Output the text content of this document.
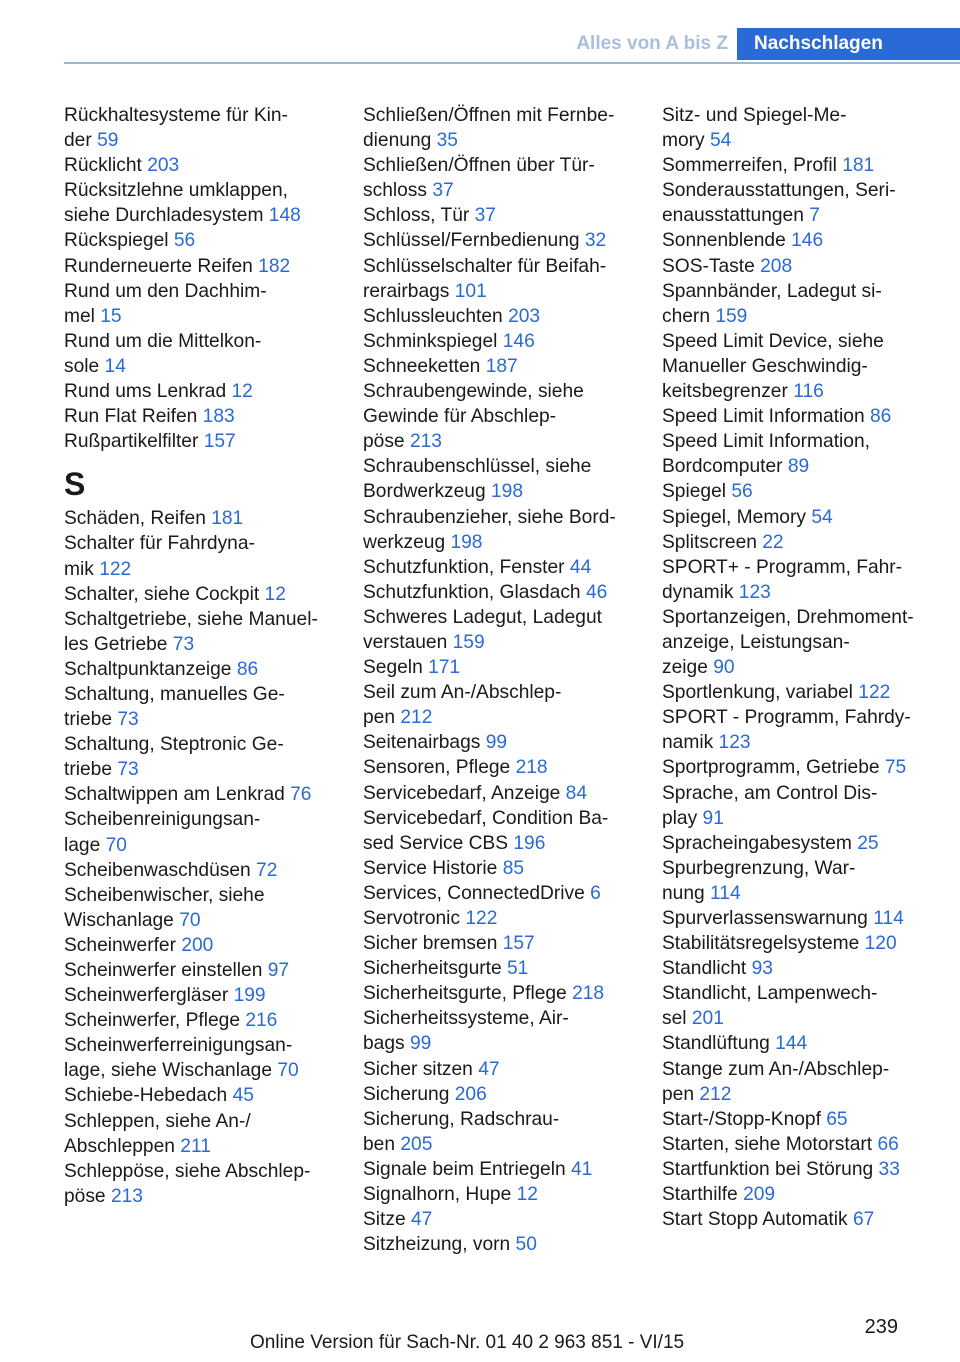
Alles von A bis Z	Nachschlagen
Rückhaltesysteme für Kin-
der 59
Rücklicht 203
Rücksitzlehne umklappen,
siehe Durchladesystem 148
Rückspiegel 56
Runderneuerte Reifen 182
Rund um den Dachhim-
mel 15
Rund um die Mittelkon-
sole 14
Rund ums Lenkrad 12
Run Flat Reifen 183
Rußpartikelfilter 157
S
Schäden, Reifen 181
Schalter für Fahrdyna-
mik 122
Schalter, siehe Cockpit 12
Schaltgetriebe, siehe Manuel-
les Getriebe 73
Schaltpunktanzeige 86
Schaltung, manuelles Ge-
triebe 73
Schaltung, Steptronic Ge-
triebe 73
Schaltwippen am Lenkrad 76
Scheibenreinigungsan-
lage 70
Scheibenwaschdüsen 72
Scheibenwischer, siehe
Wischanlage 70
Scheinwerfer 200
Scheinwerfer einstellen 97
Scheinwerfergläser 199
Scheinwerfer, Pflege 216
Scheinwerferreinigungsan-
lage, siehe Wischanlage 70
Schiebe-Hebedach 45
Schleppen, siehe An-/
Abschleppen 211
Schleppöse, siehe Abschlep-
pöse 213
Schließen/Öffnen mit Fernbe-
dienung 35
Schließen/Öffnen über Tür-
schloss 37
Schloss, Tür 37
Schlüssel/Fernbedienung 32
Schlüsselschalter für Beifah-
rerairbags 101
Schlussleuchten 203
Schminkspiegel 146
Schneeketten 187
Schraubengewinde, siehe
Gewinde für Abschlep-
pöse 213
Schraubenschlüssel, siehe
Bordwerkzeug 198
Schraubenzieher, siehe Bord-
werkzeug 198
Schutzfunktion, Fenster 44
Schutzfunktion, Glasdach 46
Schweres Ladegut, Ladegut
verstauen 159
Segeln 171
Seil zum An-/Abschlep-
pen 212
Seitenairbags 99
Sensoren, Pflege 218
Servicebedarf, Anzeige 84
Servicebedarf, Condition Ba-
sed Service CBS 196
Service Historie 85
Services, ConnectedDrive 6
Servotronic 122
Sicher bremsen 157
Sicherheitsgurte 51
Sicherheitsgurte, Pflege 218
Sicherheitssysteme, Air-
bags 99
Sicher sitzen 47
Sicherung 206
Sicherung, Radschrau-
ben 205
Signale beim Entriegeln 41
Signalhorn, Hupe 12
Sitze 47
Sitzheizung, vorn 50
Sitz- und Spiegel-Me-
mory 54
Sommerreifen, Profil 181
Sonderausstattungen, Seri-
enausstattungen 7
Sonnenblende 146
SOS-Taste 208
Spannbänder, Ladegut si-
chern 159
Speed Limit Device, siehe
Manueller Geschwindig-
keitsbegrenzer 116
Speed Limit Information 86
Speed Limit Information,
Bordcomputer 89
Spiegel 56
Spiegel, Memory 54
Splitscreen 22
SPORT+ - Programm, Fahr-
dynamik 123
Sportanzeigen, Drehmoment-
anzeige, Leistungsan-
zeige 90
Sportlenkung, variabel 122
SPORT - Programm, Fahrdy-
namik 123
Sportprogramm, Getriebe 75
Sprache, am Control Dis-
play 91
Spracheingabesystem 25
Spurbegrenzung, War-
nung 114
Spurverlassenswarnung 114
Stabilitätsregelsysteme 120
Standlicht 93
Standlicht, Lampenwech-
sel 201
Standlüftung 144
Stange zum An-/Abschlep-
pen 212
Start-/Stopp-Knopf 65
Starten, siehe Motorstart 66
Startfunktion bei Störung 33
Starthilfe 209
Start Stopp Automatik 67
239
Online Version für Sach-Nr. 01 40 2 963 851 - VI/15
